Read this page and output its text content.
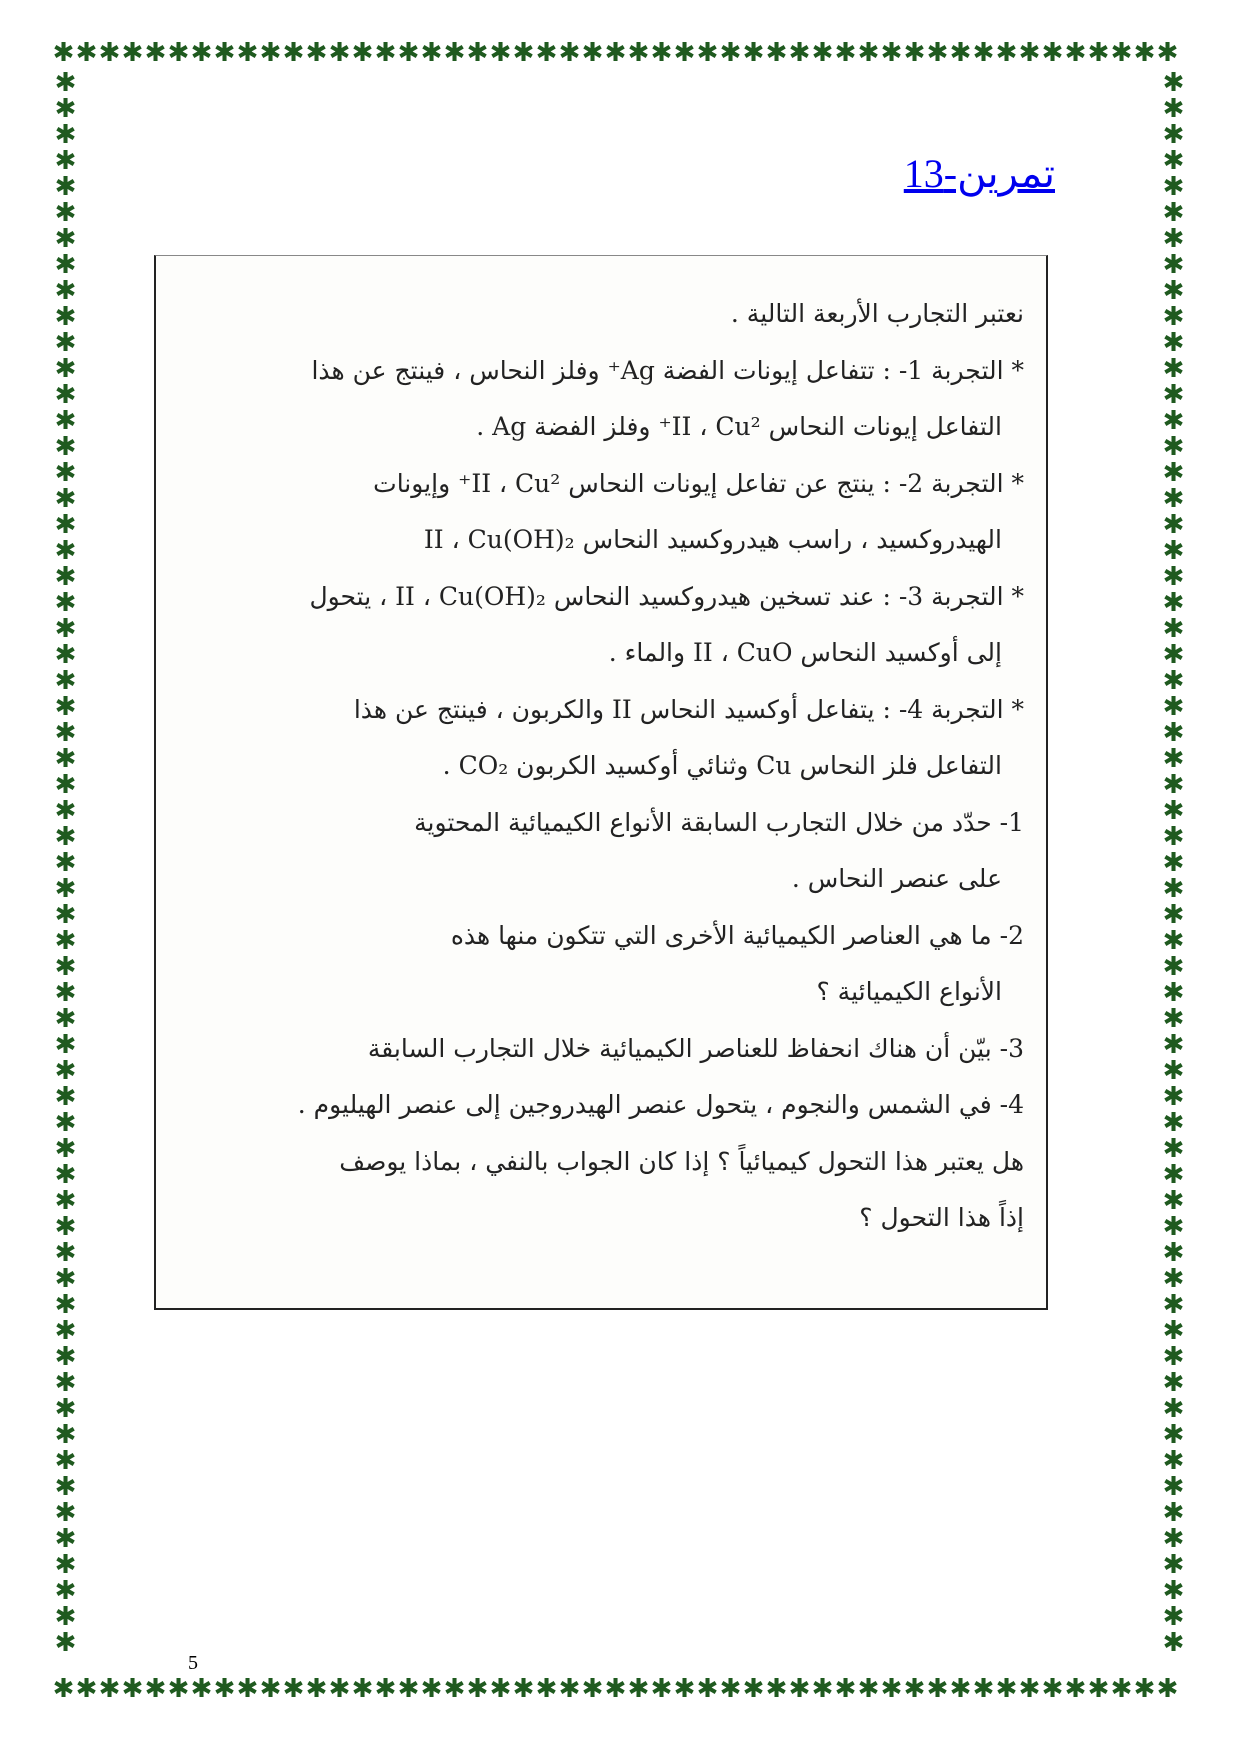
✱✱✱✱✱✱✱✱✱✱✱✱✱✱✱✱✱✱✱✱✱✱✱✱✱✱✱✱✱✱✱✱✱✱✱✱✱✱✱✱✱✱✱✱✱✱✱✱✱
✱✱✱✱✱✱✱✱✱✱✱✱✱✱✱✱✱✱✱✱✱✱✱✱✱✱✱✱✱✱✱✱✱✱✱✱✱✱✱✱✱✱✱✱✱✱✱✱✱
✱✱✱✱✱✱✱✱✱✱✱✱✱✱✱✱✱✱✱✱✱✱✱✱✱✱✱✱✱✱✱✱✱✱✱✱✱✱✱✱✱✱✱✱✱✱✱✱✱✱✱✱✱✱✱✱✱✱✱✱✱
✱✱✱✱✱✱✱✱✱✱✱✱✱✱✱✱✱✱✱✱✱✱✱✱✱✱✱✱✱✱✱✱✱✱✱✱✱✱✱✱✱✱✱✱✱✱✱✱✱✱✱✱✱✱✱✱✱✱✱✱✱
تمرين-13
نعتبر التجارب الأربعة التالية .
* التجربة 1- : تتفاعل إيونات الفضة Ag⁺ وفلز النحاس ، فينتج عن هذا
التفاعل إيونات النحاس II ، Cu²⁺ وفلز الفضة Ag .
* التجربة 2- : ينتج عن تفاعل إيونات النحاس II ، Cu²⁺ وإيونات
الهيدروكسيد ، راسب هيدروكسيد النحاس II ، Cu(OH)₂
* التجربة 3- : عند تسخين هيدروكسيد النحاس II ، Cu(OH)₂ ، يتحول
إلى أوكسيد النحاس II ، CuO والماء .
* التجربة 4- : يتفاعل أوكسيد النحاس II والكربون ، فينتج عن هذا
التفاعل فلز النحاس Cu وثنائي أوكسيد الكربون CO₂ .
1- حدّد من خلال التجارب السابقة الأنواع الكيميائية المحتوية
على عنصر النحاس .
2- ما هي العناصر الكيميائية الأخرى التي تتكون منها هذه
الأنواع الكيميائية ؟
3- بيّن أن هناك انحفاظ للعناصر الكيميائية خلال التجارب السابقة
4- في الشمس والنجوم ، يتحول عنصر الهيدروجين إلى عنصر الهيليوم .
هل يعتبر هذا التحول كيميائياً ؟ إذا كان الجواب بالنفي ، بماذا يوصف
إذاً هذا التحول ؟
5
